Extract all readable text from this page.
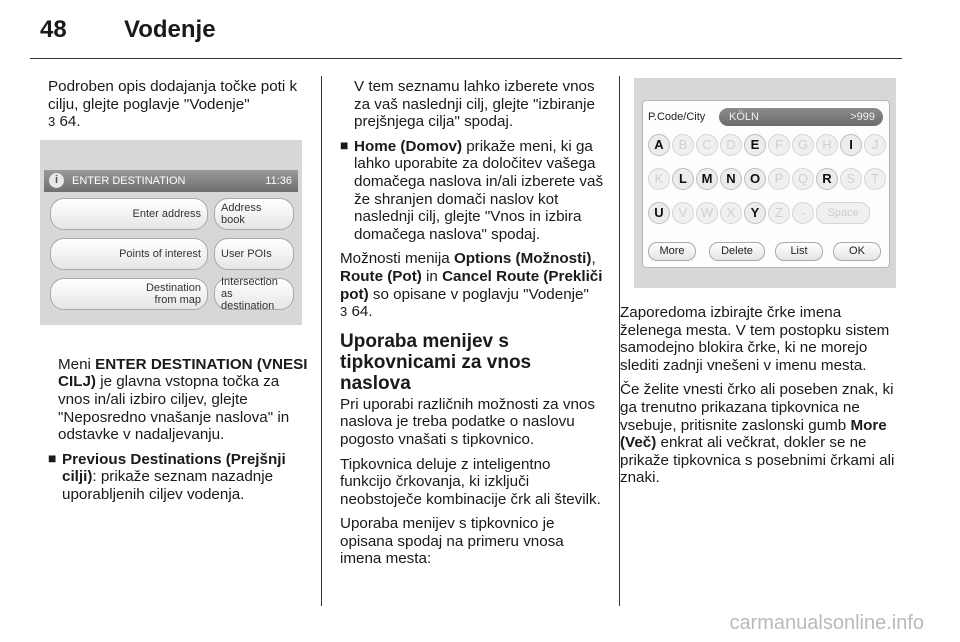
48 Vodenje

Podroben opis dodajanja točke poti k cilju, glejte poglavje "Vodenje"
3 64.

Meni ENTER DESTINATION (VNESI CILJ) je glavna vstopna točka za vnos in/ali izbiro ciljev, glejte "Neposredno vnašanje naslova" in odstavke v nadaljevanju.

■ Previous Destinations (Prejšnji cilji): prikaže seznam nazadnje uporabljenih ciljev vodenja.
i	ENTER DESTINATION	11:36
Enter address Address book
Points of interest User POIs
Destination
from map
Intersection as
destination

V tem seznamu lahko izberete vnos za vaš naslednji cilj, glejte "izbiranje prejšnjega cilja" spodaj.

■ Home (Domov) prikaže meni, ki ga lahko uporabite za določitev vašega domačega naslova in/ali izberete vaš že shranjen domači naslov kot naslednji cilj, glejte "Vnos in izbira domačega naslova" spodaj.

Možnosti menija Options (Možnosti), Route (Pot) in Cancel Route (Prekliči pot) so opisane v poglavju "Vodenje"
3 64.

Uporaba menijev s tipkovnicami za vnos naslova

Pri uporabi različnih možnosti za vnos naslova je treba podatke o naslovu pogosto vnašati s tipkovnico.

Tipkovnica deluje z inteligentno funkcijo črkovanja, ki izključi neobstoječe kombinacije črk ali številk.

Uporaba menijev s tipkovnico je opisana spodaj na primeru vnosa imena mesta:

P.Code/City KÖLN	>999
A	B	C	D	E	F	G	H	I	J
K	L	M	N	O	P	Q	R	S	T
U	V	W	X	Y	Z	-	Space
More	Delete	List	OK

Zaporedoma izbirajte črke imena želenega mesta. V tem postopku sistem samodejno blokira črke, ki ne morejo slediti zadnji vnešeni v imenu mesta.

Če želite vnesti črko ali poseben znak, ki ga trenutno prikazana tipkovnica ne vsebuje, pritisnite zaslonski gumb More (Več) enkrat ali večkrat, dokler se ne prikaže tipkovnica s posebnimi črkami ali znaki.

carmanualsonline.info
